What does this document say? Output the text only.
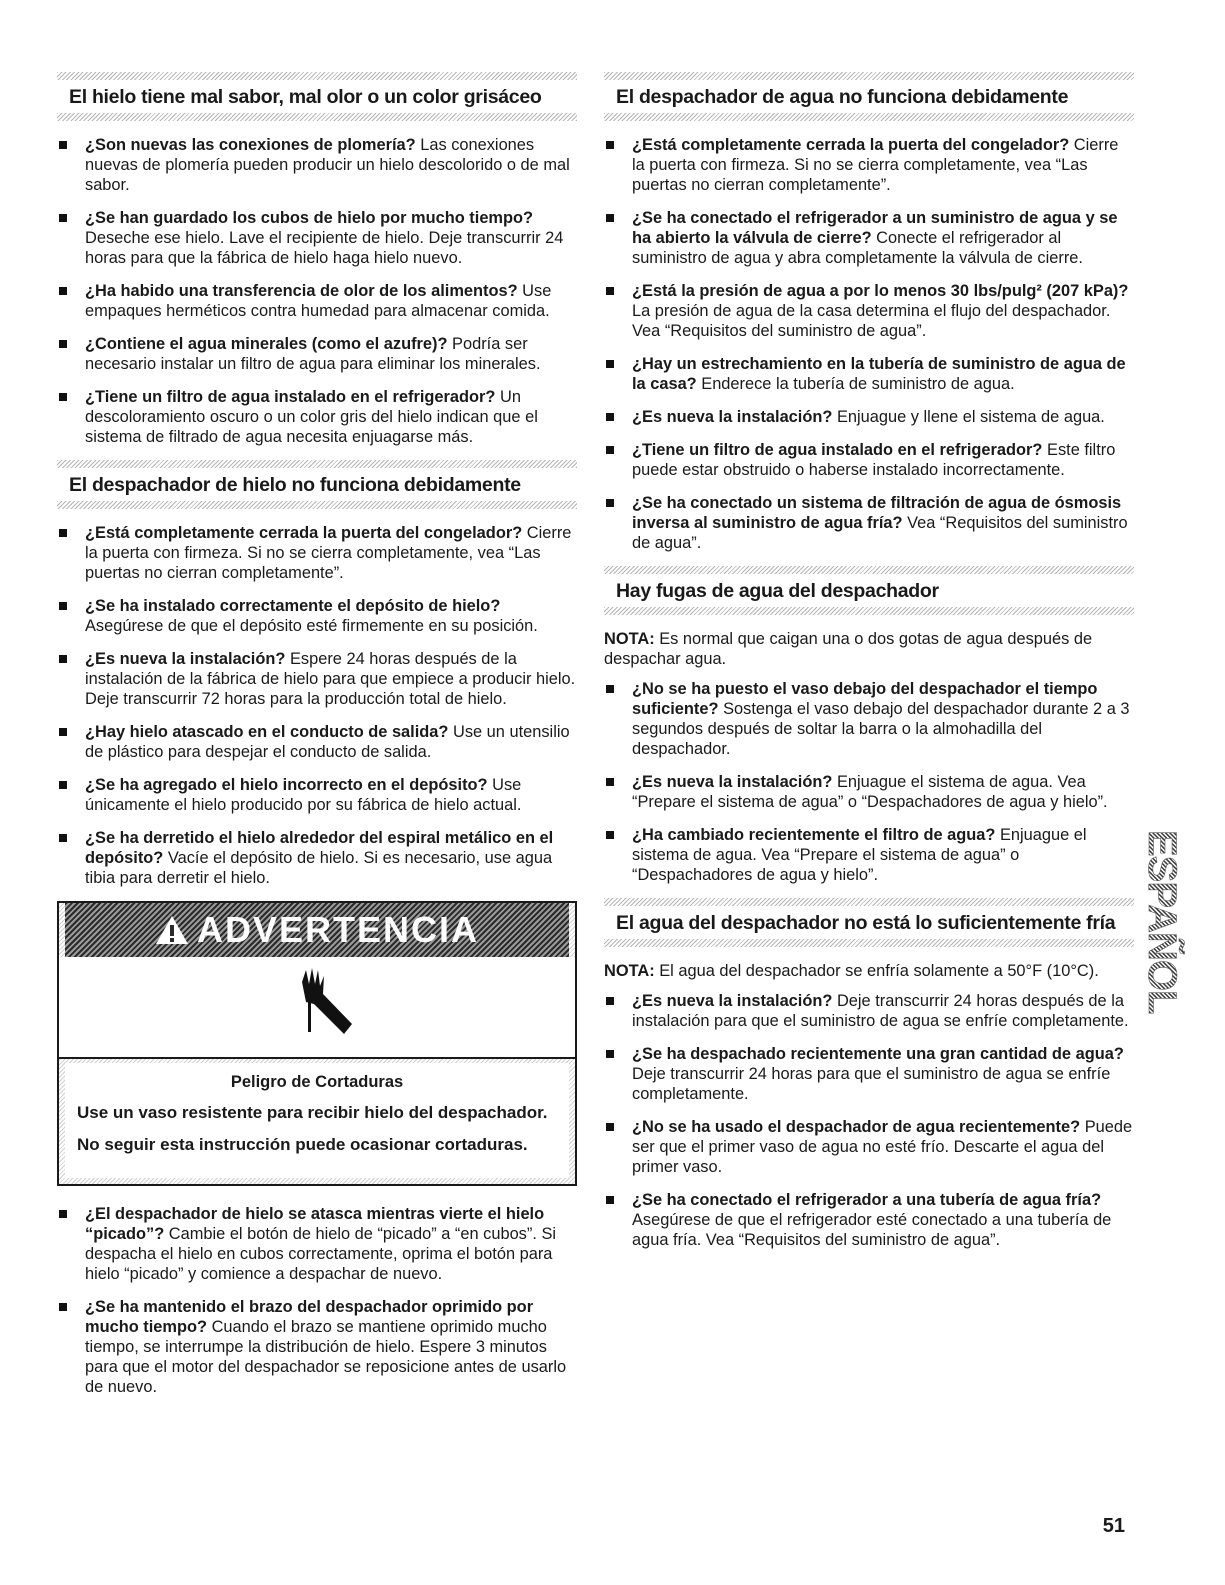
El hielo tiene mal sabor, mal olor o un color grisáceo
¿Son nuevas las conexiones de plomería? Las conexiones nuevas de plomería pueden producir un hielo descolorido o de mal sabor.
¿Se han guardado los cubos de hielo por mucho tiempo? Deseche ese hielo. Lave el recipiente de hielo. Deje transcurrir 24 horas para que la fábrica de hielo haga hielo nuevo.
¿Ha habido una transferencia de olor de los alimentos? Use empaques herméticos contra humedad para almacenar comida.
¿Contiene el agua minerales (como el azufre)? Podría ser necesario instalar un filtro de agua para eliminar los minerales.
¿Tiene un filtro de agua instalado en el refrigerador? Un descoloramiento oscuro o un color gris del hielo indican que el sistema de filtrado de agua necesita enjuagarse más.
El despachador de hielo no funciona debidamente
¿Está completamente cerrada la puerta del congelador? Cierre la puerta con firmeza. Si no se cierra completamente, vea “Las puertas no cierran completamente”.
¿Se ha instalado correctamente el depósito de hielo? Asegúrese de que el depósito esté firmemente en su posición.
¿Es nueva la instalación? Espere 24 horas después de la instalación de la fábrica de hielo para que empiece a producir hielo. Deje transcurrir 72 horas para la producción total de hielo.
¿Hay hielo atascado en el conducto de salida? Use un utensilio de plástico para despejar el conducto de salida.
¿Se ha agregado el hielo incorrecto en el depósito? Use únicamente el hielo producido por su fábrica de hielo actual.
¿Se ha derretido el hielo alrededor del espiral metálico en el depósito? Vacíe el depósito de hielo. Si es necesario, use agua tibia para derretir el hielo.
ADVERTENCIA
Peligro de Cortaduras

Use un vaso resistente para recibir hielo del despachador.

No seguir esta instrucción puede ocasionar cortaduras.

¿El despachador de hielo se atasca mientras vierte el hielo “picado”? Cambie el botón de hielo de “picado” a “en cubos”. Si despacha el hielo en cubos correctamente, oprima el botón para hielo “picado” y comience a despachar de nuevo.
¿Se ha mantenido el brazo del despachador oprimido por mucho tiempo? Cuando el brazo se mantiene oprimido mucho tiempo, se interrumpe la distribución de hielo. Espere 3 minutos para que el motor del despachador se reposicione antes de usarlo de nuevo.
El despachador de agua no funciona debidamente
¿Está completamente cerrada la puerta del congelador? Cierre la puerta con firmeza. Si no se cierra completamente, vea “Las puertas no cierran completamente”.
¿Se ha conectado el refrigerador a un suministro de agua y se ha abierto la válvula de cierre? Conecte el refrigerador al suministro de agua y abra completamente la válvula de cierre.
¿Está la presión de agua a por lo menos 30 lbs/pulg² (207 kPa)? La presión de agua de la casa determina el flujo del despachador. Vea “Requisitos del suministro de agua”.
¿Hay un estrechamiento en la tubería de suministro de agua de la casa? Enderece la tubería de suministro de agua.
¿Es nueva la instalación? Enjuague y llene el sistema de agua.
¿Tiene un filtro de agua instalado en el refrigerador? Este filtro puede estar obstruido o haberse instalado incorrectamente.
¿Se ha conectado un sistema de filtración de agua de ósmosis inversa al suministro de agua fría? Vea “Requisitos del suministro de agua”.
Hay fugas de agua del despachador

NOTA: Es normal que caigan una o dos gotas de agua después de despachar agua.

¿No se ha puesto el vaso debajo del despachador el tiempo suficiente? Sostenga el vaso debajo del despachador durante 2 a 3 segundos después de soltar la barra o la almohadilla del despachador.
¿Es nueva la instalación? Enjuague el sistema de agua. Vea “Prepare el sistema de agua” o “Despachadores de agua y hielo”.
¿Ha cambiado recientemente el filtro de agua? Enjuague el sistema de agua. Vea “Prepare el sistema de agua” o “Despachadores de agua y hielo”.
El agua del despachador no está lo suficientemente fría

NOTA: El agua del despachador se enfría solamente a 50°F (10°C).

¿Es nueva la instalación? Deje transcurrir 24 horas después de la instalación para que el suministro de agua se enfríe completamente.
¿Se ha despachado recientemente una gran cantidad de agua? Deje transcurrir 24 horas para que el suministro de agua se enfríe completamente.
¿No se ha usado el despachador de agua recientemente? Puede ser que el primer vaso de agua no esté frío. Descarte el agua del primer vaso.
¿Se ha conectado el refrigerador a una tubería de agua fría? Asegúrese de que el refrigerador esté conectado a una tubería de agua fría. Vea “Requisitos del suministro de agua”.
ESPAÑOL
51
